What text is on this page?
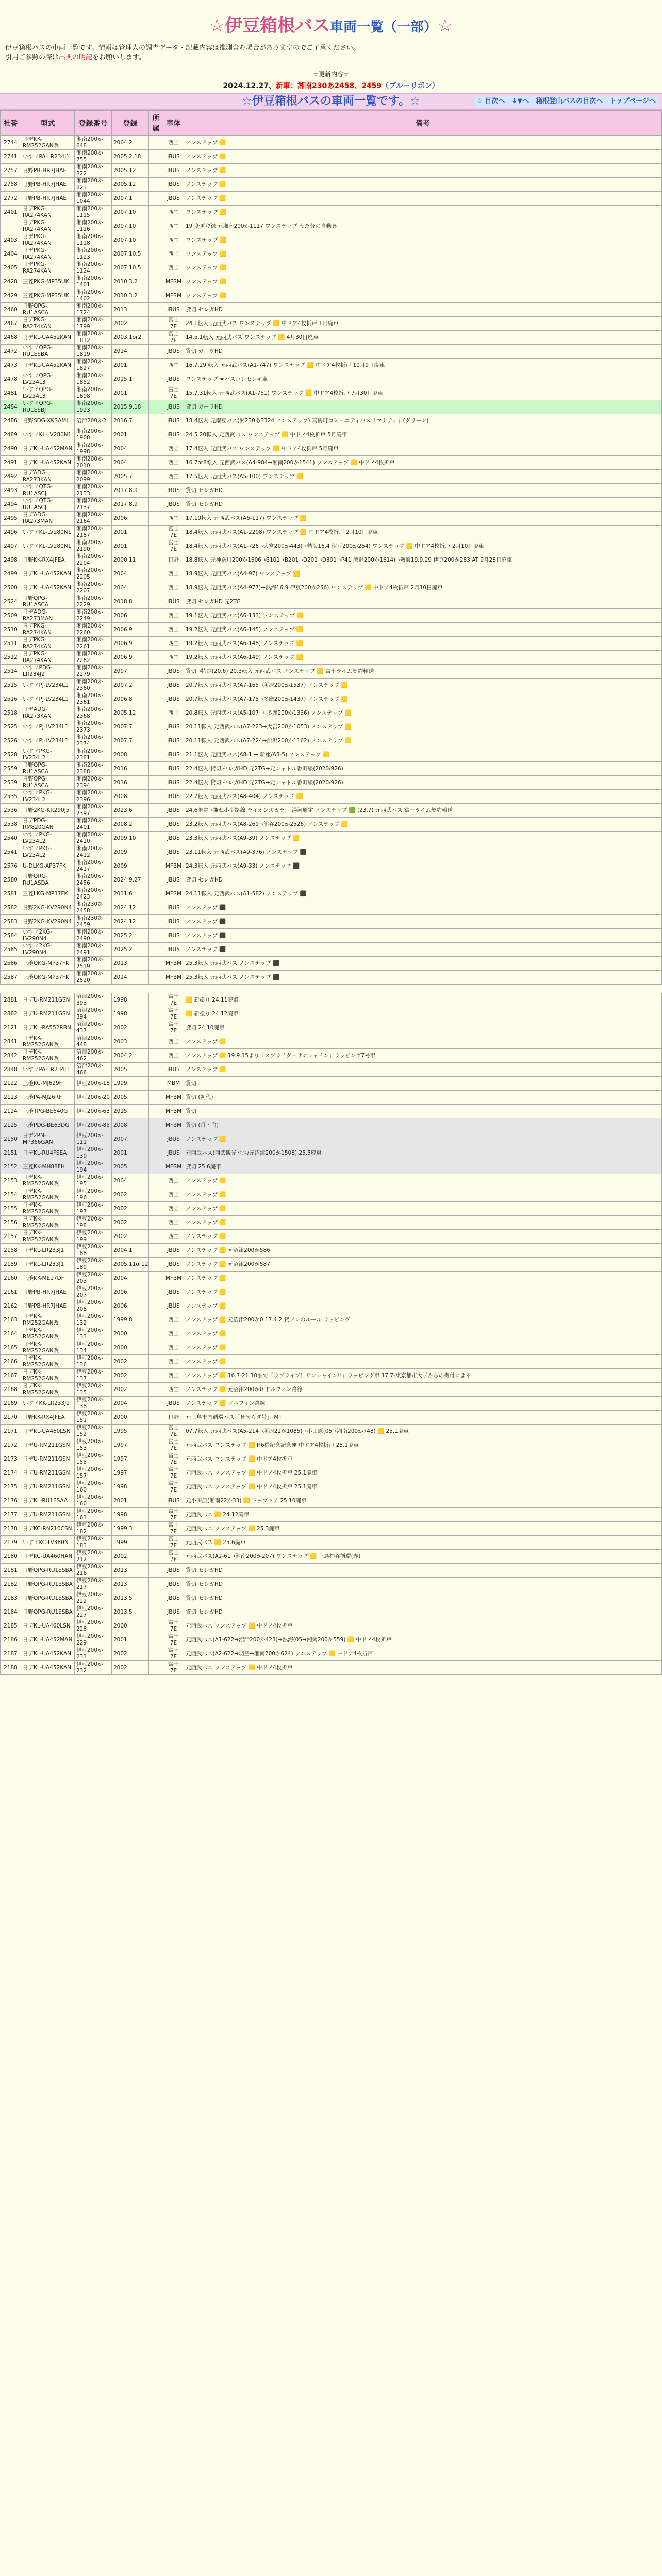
☆伊豆箱根バス車両一覧（一部）☆
伊豆箱根バスの車両一覧です。情報は管理人の調査データ・記載内容は推測含む場合がありますのでご了承ください。
引用ご参照の際は出典の明記をお願いします。
☆更新内容☆
2024.12.27、新車：湘南230あ2458、2459（ブルーリボン）
☆伊豆箱根バスの車両一覧です。☆	☆ 目次へ　↓▼へ　箱根登山バスの目次へ　トップページへ
社番	型式	登録番号	登録	所属	車体	備考
2744	日デKK-RM252GAN改	湘南200か648	2004.2		西工	ノンステップ 🟨
2741	いすゞPA-LR234J1	湘南200か755	2005.2.18		JBUS	ノンステップ 🟨
2757	日野PB-HR7JHAE	湘南200か822	2005.12		JBUS	ノンステップ 🟨
2758	日野PB-HR7JHAE	湘南200か823	2005.12		JBUS	ノンステップ 🟨
2772	日野PB-HR7JHAE	湘南200か1044	2007.1		JBUS	ノンステップ 🟨
2401	日デPKG-RA274KAN	湘南200か1115	2007.10		西工	ワンステップ 🟨
	日デPKG-RA274KAN	湘南200か1116	2007.10		西工	19 変更登録 元湘南200か1117 ワンステップ うた分の自動昇
2403	日デPKG-RA274KAN	湘南200か1118	2007.10		西工	ワンステップ 🟨
2404	日デPKG-RA274KAN	湘南200か1123	2007.10.5		西工	ワンステップ 🟨
2405	日デPKG-RA274KAN	湘南200か1124	2007.10.5		西工	ワンステップ 🟨
2428	三菱PKG-MP35UK	湘南200か1401	2010.3.2		MFBM	ワンステップ 🟨
2429	三菱PKG-MP35UK	湘南200か1402	2010.3.2		MFBM	ワンステップ 🟨
2460	日野QPG-RU1ASCA	湘南200か1724	2013.		JBUS	貸切 セレガHD
2467	日デPKG-RA274KAN	湘南200か1799	2002.		富士7E	24.1転入 元西武バス ワンステップ 🟨 中ドア4枚折戸 1月廃車
2468	日デKL-UA452KAN	湘南200か1812	2003.1or2		富士7E	14.5.1転入 元西武バス ワンステップ 🟨 4月30日廃車
2472	いすゞQPG-RU1ESBA	湘南200か1819	2014.		JBUS	貸切 ガーラHD
2473	日デKL-UA452KAN	湘南200か1827	2001.		西工	16.7.29 転入 元西武バス(A1-747) ワンステップ 🟨 中ドア4枚折戸 10月9日廃車
2478	いすゞQPG-LV234L3	湘南200か1852	2015.1		JBUS	ワンステップ ★ハスコレセレギ車
2481	いすゞQPG-LV234L3	湘南200か1898	2001.		富士7E	15.7.31転入 元西武バス(A1-751) ワンステップ 🟨 中ドア4枚折戸 7月30日廃車
2484	いすゞQPG-RU1ESBJ	湘南200か1923	2015.9.18		JBUS	貸切 ガーラHD
2486	日野SDG-XKSAMJ	沼津200か2	2016.7		JBUS	18.4転入 元南豆バス(湘230あ3324 ノンステップ) 真鶴町コミュニティバス「マナティ」(グリーン)
2489	いすゞKL-LV280N1	湘南200か1908	2001.		JBUS	24.5.20転入 元西武バス ワンステップ 🟨 中ドア4枚折戸 5月廃車
2490	日デKL-UA452MAN	湘南200か1998	2004.		西工	17.4転入 元西武バス ワンステップ 🟨 中ドア4枚折戸 5月廃車
2491	日デKL-UA452KAN	湘南200か2010	2004.		西工	16.7or8転入 元西武バス(A4-984→湘南200か1541) ワンステップ 🟨 中ドア4枚折戸
2492	日デADG-RA273KAN	湘南200か2099	2005.7		西工	17.5転入 元西武バス(A5-100) ワンステップ 🟨
2493	いすゞQTG-RU1ASCJ	湘南200か2133	2017.8.9		JBUS	貸切 セレガHD
2494	いすゞQTG-RU1ASCJ	湘南200か2137	2017.8.9		JBUS	貸切 セレガHD
2495	日デADG-RA273MAN	湘南200か2164	2006.		西工	17.10転入 元西武バス(A6-117) ワンステップ 🟨
2496	いすゞKL-LV280N1	湘南200か2187	2001.		富士7E	18.4転入 元西武バス(A1-2208) ワンステップ 🟨 中ドア4枚折戸 2月10日廃車
2497	いすゞKL-LV280N1	湘南200か2190	2001.		富士7E	18.4転入 元西武バス(A1-726→大宮200か443)→熱海16.4 伊豆200か254) ワンステップ 🟨 中ドア4枚折戸 2月10日廃車
2498	日野KK-RX4JFEA	湘南200か2204	2000.11		日野	18.8転入 元神奈川200か1606→B101→B201→D201→D301→P41 熊野200か1614)→熱海19.9.29 伊豆200か283 AT 9月28日廃車
2499	日デKL-UA452KAN	湘南200か2205	2004.		西工	18.9転入 元西武バス(A4-97) ワンステップ 🟨
2500	日デKL-UA452KAN	湘南200か2207	2004.		西工	18.9転入 元西武バス(A4-977)→熱海16.9 伊豆200か256) ワンステップ 🟨 中ドア4枚折戸 2月10日廃車
2524	日野QPG-RU1ASCA	湘南200か2229	2018.8		JBUS	貸切 セレガHD 元2TG
2509	日デADG-RA273MAN	湘南200か2249	2006.		西工	19.1転入 元西武バス(A6-133) ワンステップ 🟨
2510	日デPKG-RA274KAN	湘南200か2260	2006.9		西工	19.2転入 元西武バス(A6-145) ノンステップ 🟨
2511	日デPKG-RA274KAN	湘南200か2261	2006.9		西工	19.2転入 元西武バス(A6-148) ノンステップ 🟨
2512	日デPKG-RA274KAN	湘南200か2262	2006.9		西工	19.2転入 元西武バス(A6-149) ノンステップ 🟨
2514	いすゞPDG-LR234J2	湘南200か2279	2007.		JBUS	貸切→特定(20.6) 20.3転入 元西武バス ノンステップ 🟨 富士ライム契約輸送
2515	いすゞPJ-LV234L1	湘南200か2360	2007.2		JBUS	20.7転入 元西武バス(A7-165→所沢200か1537) ノンステップ 🟨
2516	いすゞPJ-LV234L1	湘南200か2361	2006.8		JBUS	20.7転入 元西武バス(A7-175→多摩200か1437) ノンステップ 🟨
2518	日デADG-RA273KAN	湘南200か2368	2005.12		西工	20.8転入 元西武バス(A5-107 → 多摩200か1336) ノンステップ 🟨
2525	いすゞPJ-LV234L1	湘南200か2373	2007.7		JBUS	20.11転入 元西武バス(A7-223→大宮200か1053) ノンステップ 🟨
2526	いすゞPJ-LV234L1	湘南200か2374	2007.7		JBUS	20.11転入 元西武バス(A7-224→所沢200か1162) ノンステップ 🟨
2528	いすゞPKG-LV234L2	湘南200か2381	2008.		JBUS	21.1転入 元西武バス(A8-1 → 新座/A8-5) ノンステップ 🟨
2559	日野QPG-RU1ASCA	湘南200か2388	2016.		JBUS	22.4転入 貸切 セレガHD 元2TG→元シャトル番町線(2020/926)
2539	日野QPG-RU1ASCA	湘南200か2394	2016.		JBUS	22.4転入 貸切 セレガHD 元2TG→元シャトル番町線(2020/926)
2535	いすゞPKG-LV234L2	湘南200か2396	2008.		JBUS	22.7転入 元西武バス(A8-404) ノンステップ 🟨
2536	日野2KG-KR290J5	湘南200か2397	2023.6		JBUS	24.6限定→兼ね小型路線 ライオンズカラー 湯河原定 ノンステップ 🟩 (23.7) 元西武バス 富士ライム契約輸送
2538	日デPDG-RM820GAN	湘南200か2401	2008.2		JBUS	23.2転入 元西武バス(A8-269→熊谷200か2526) ノンステップ 🟨
2540	いすゞPKG-LV234L2	湘南200か2410	2009.10		JBUS	23.3転入 元西武バス(A9-39) ノンステップ 🟨
2541	いすゞPKG-LV234L2	湘南200か2412	2009.		JBUS	23.11転入 元西武バス(A9-376) ノンステップ ⬛
2576	U-DLKG-AP37FK	湘南200か2417	2009.		MFBM	24.3転入 元西武バス(A9-33) ノンステップ ⬛
2580	日野QRG-RU1ASDA	湘南200か2456	2024.9.27		JBUS	貸切 セレガHD
2581	三菱LKG-MP37FK	湘南200か2423	2011.6		MFBM	24.11転入 元西武バス(A1-582) ノンステップ ⬛
2582	日野2KG-KV290N4	湘南230あ2458	2024.12		JBUS	ノンステップ ⬛
2583	日野2KG-KV290N4	湘南230あ2459	2024.12		JBUS	ノンステップ ⬛
2584	いすゞ2KG-LV290N4	湘南200か2490	2025.2		JBUS	ノンステップ ⬛
2585	いすゞ2KG-LV290N4	湘南200か2491	2025.2		JBUS	ノンステップ ⬛
2586	三菱QKG-MP37FK	湘南200か2519	2013.		MFBM	25.3転入 元西武バス ノンステップ ⬛
2587	三菱QKG-MP37FK	湘南200か2520	2014.		MFBM	25.3転入 元西武バス ノンステップ ⬛

2881	日デU-RM211GSN	沼津200か393	1998.		富士7E	🟨 新塗り 24.11廃車
2882	日デU-RM211GSN	沼津200か394	1998.		富士7E	🟨 新塗り 24.12廃車
2121	日デKL-RA552RBN	沼津200か437	2002.		富士7E	貸切 24.10廃車
2841	日デKK-RM252GAN改	沼津200か448	2003.		西工	ノンステップ 🟨
2842	日デKK-RM252GAN改	沼津200か462	2004.2		西工	ノンステップ 🟨 19.9.15より「スプライグ・サンシャイン」ラッピング7号車
2848	いすゞPA-LR234J1	沼津200か466	2005.		JBUS	ノンステップ 🟨
2122	三菱KC-MJ629F	伊豆200か18	1999.		MBM	貸切
2123	三菱PA-MJ26RF	伊豆200か20	2005.		MFBM	貸切 (初代)
2124	三菱TPG-BE640G	伊豆200か63	2015.		MFBM	貸切
2125	三菱PDG-BE63DG	伊豆200か85	2008.		MFBM	貸切 (香・白)
2150	日デ2PN-MP366GAN	伊豆200か111	2007.		JBUS	ノンステップ 🟨
2151	日デKL-RU4FSEA	伊豆200か130	2001.		JBUS	元西武バス(西武観光バス/元沼津200か1508) 25.5廃車
2152	三菱KK-MH88FH	伊豆200か194	2005.		MFBM	貸切 25.6廃車
2153	日デKK-RM252GAN改	伊豆200か195	2004.		西工	ノンステップ 🟨
2154	日デKK-RM252GAN改	伊豆200か196	2002.		西工	ノンステップ 🟨
2155	日デKK-RM252GAN改	伊豆200か197	2002.		西工	ノンステップ 🟨
2156	日デKK-RM252GAN改	伊豆200か198	2002.		西工	ノンステップ 🟨
2157	日デKK-RM252GAN改	伊豆200か199	2002.		西工	ノンステップ 🟨
2158	日デKL-LR233J1	伊豆200か188	2004.1		JBUS	ノンステップ 🟨 元沼津200か586
2159	日デKL-LR233J1	伊豆200か189	2005.11or12		JBUS	ノンステップ 🟨 元沼津200か587
2160	三菱KK-ME17DF	伊豆200か203	2004.		MFBM	ノンステップ 🟨
2161	日野PB-HR7JHAE	伊豆200か207	2006.		JBUS	ノンステップ 🟨
2162	日野PB-HR7JHAE	伊豆200か208	2006.		JBUS	ノンステップ 🟨
2163	日デKK-RM252GAN改	伊豆200か132	1999.8		西工	ノンステップ 🟨 元沼津200か0 17.4.2 貸ソレのルール ラッピング
2164	日デKK-RM252GAN改	伊豆200か133	2000.		西工	ノンステップ 🟨
2165	日デKK-RM252GAN改	伊豆200か134	2000.		西工	ノンステップ 🟨
2166	日デKK-RM252GAN改	伊豆200か136	2002.		西工	ノンステップ 🟨
2167	日デKK-RM252GAN改	伊豆200か137	2002.		西工	ノンステップ 🟨 16.7-21.10まで「ラブライブ！サンシャイン!!」ラッピング車 17.7-東京都市大学からの寄付による
2168	日デKK-RM252GAN改	伊豆200か135	2002.		西工	ノンステップ 🟨 元沼津200か0 ドルフィン路線
2169	いすゞKK-LR233J1	伊豆200か138	2004.		JBUS	ノンステップ 🟨 ドルフィン路線
2170	日野KK-RX4JFEA	伊豆200か151	2000.		日野	元三島市内循環バス「せせらぎ号」 MT
2171	日デKL-UA460LSN	伊豆200か152	1995.		富士7E	07.7転入 元西武バス(A5-214→所沢22か1085)→小田原(05→湘南200か748) 🟨 25.1廃車
2172	日デU-RM211GSN	伊豆200か153	1997.		富士7E	元西武バス ワンステップ 🟨 H6様紀念記念運 中ドア4枚折戸 25.1廃車
2173	日デU-RM211GSN	伊豆200か155	1997.		富士7E	元西武バス ワンステップ 🟨 中ドア4枚折戸
2174	日デU-RM211GSN	伊豆200か157	1997.		富士7E	元西武バス ワンステップ 🟨 中ドア4枚折戸 25.1廃車
2175	日デU-RM211GSN	伊豆200か160	1998.		富士7E	元西武バス ワンステップ 🟨 中ドア4枚折戸 25.1廃車
2176	日デKL-RU1ESAA	伊豆200か160	2001.		JBUS	元小田原(湘南22か33) 🟨 トップドア 25.10廃車
2177	日デU-RM211GSN	伊豆200か161	1998.		富士7E	元西武バス 🟨 24.12廃車
2178	日デKC-RN210CSN	伊豆200か182	1999.3		富士7E	元西武バス ワンステップ 🟨 25.3廃車
2179	いすゞKC-LV380N	伊豆200か183	1999.		富士7E	元西武バス 🟨 25.6廃車
2180	日デKC-UA460HAN	伊豆200か212	2002.		富士7E	元西武バス(A2-61→湘南200か207) ワンステップ 🟨 三島柏谷循環(赤)
2181	日野QPG-RU1ESBA	伊豆200か216	2013.		JBUS	貸切 セレガHD
2182	日野QPG-RU1ESBA	伊豆200か217	2013.		JBUS	貸切 セレガHD
2183	日野QPG-RU1ESBA	伊豆200か222	2013.5		JBUS	貸切 セレガHD
2184	日野QPG-RU1ESBA	伊豆200か227	2013.5		JBUS	貸切 セレガHD
2185	日デKL-UA460LSN	伊豆200か228	2000.		富士7E	元西武バス ワンステップ 🟨 中ドア4枚折戸
2186	日デKL-UA452MAN	伊豆200か229	2001.		富士7E	元西武バス(A1-622→沼津200か423)→熱海(05→湘南200か559) 🟨 中ドア4枚折戸
2187	日デKL-UA452KAN	伊豆200か231	2002.		富士7E	元西武バス(A2-622→羽島→湘南200か624) ワンステップ 🟨 中ドア4枚折戸
2188	日デKL-UA452KAN	伊豆200か232	2002.		富士7E	元西武バス ワンステップ 🟨 中ドア4枚折戸
